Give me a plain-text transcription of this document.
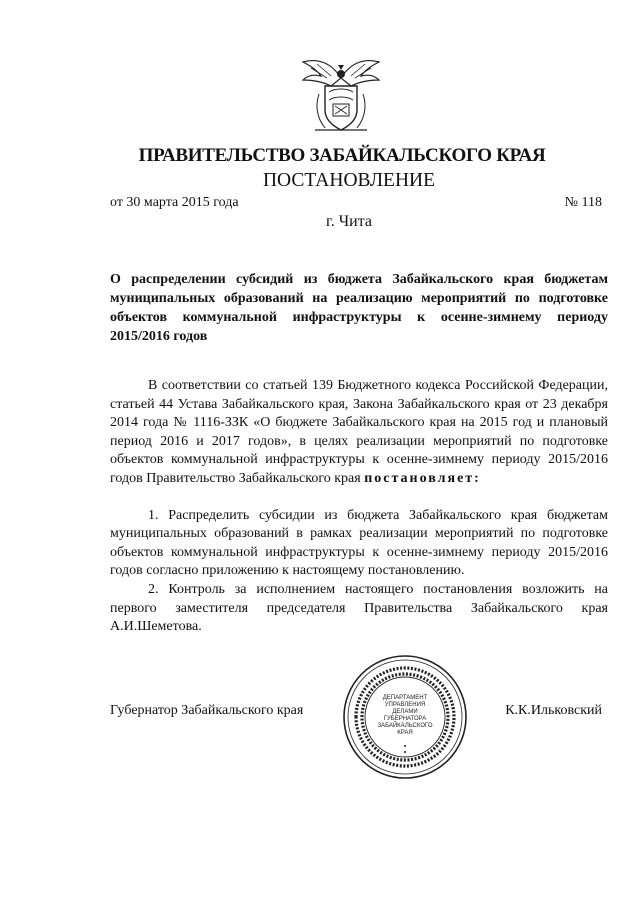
ПРАВИТЕЛЬСТВО ЗАБАЙКАЛЬСКОГО КРАЯ
ПОСТАНОВЛЕНИЕ
от 30 марта 2015 года	№ 118
г. Чита
О распределении субсидий из бюджета Забайкальского края бюджетам муниципальных образований на реализацию мероприятий по подготовке объектов коммунальной инфраструктуры к осенне-зимнему периоду 2015/2016 годов

В соответствии со статьей 139 Бюджетного кодекса Российской Федерации, статьей 44 Устава Забайкальского края, Закона Забайкальского края от 23 декабря 2014 года № 1116-ЗЗК «О бюджете Забайкальского края на 2015 год и плановый период 2016 и 2017 годов», в целях реализации мероприятий по подготовке объектов коммунальной инфраструктуры к осенне-зимнему периоду 2015/2016 годов Правительство Забайкальского края постановляет:

1. Распределить субсидии из бюджета Забайкальского края бюджетам муниципальных образований в рамках реализации мероприятий по подготовке объектов коммунальной инфраструктуры к осенне-зимнему периоду 2015/2016 годов согласно приложению к настоящему постановлению.

2. Контроль за исполнением настоящего постановления возложить на первого заместителя председателя Правительства Забайкальского края А.И.Шеметова.

Губернатор Забайкальского края	К.К.Ильковский
ДЕПАРТАМЕНТ
УПРАВЛЕНИЯ
ДЕЛАМИ
ГУБЕРНАТОРА
ЗАБАЙКАЛЬСКОГО
КРАЯ
